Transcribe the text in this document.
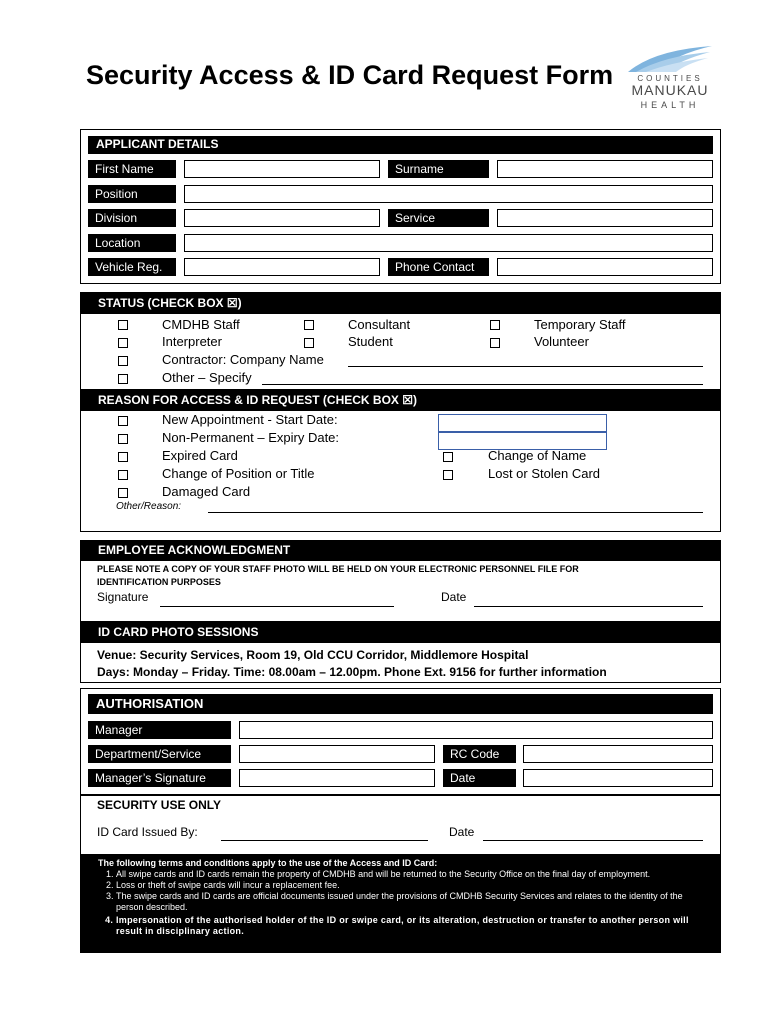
Security Access & ID Card Request Form	COUNTIES
MANUKAU
HEALTH
APPLICANT DETAILS
First Name	Surname
Position
Division	Service
Location
Vehicle Reg.	Phone Contact
STATUS (CHECK BOX ☒)
CMDHB Staff	Consultant	Temporary Staff
Interpreter	Student	Volunteer
Contractor: Company Name
Other – Specify
REASON FOR ACCESS & ID REQUEST (CHECK BOX ☒)
New Appointment - Start Date:
Non-Permanent – Expiry Date:
Expired Card	Change of Name
Change of Position or Title	Lost or Stolen Card
Damaged Card
Other/Reason:
EMPLOYEE ACKNOWLEDGMENT
PLEASE NOTE A COPY OF YOUR STAFF PHOTO WILL BE HELD ON YOUR ELECTRONIC PERSONNEL FILE FOR
IDENTIFICATION PURPOSES
Signature	Date
ID CARD PHOTO SESSIONS
Venue: Security Services, Room 19, Old CCU Corridor, Middlemore Hospital
Days: Monday – Friday. Time: 08.00am – 12.00pm. Phone Ext. 9156 for further information
AUTHORISATION
Manager
Department/Service	RC Code
Manager’s Signature	Date
SECURITY USE ONLY
ID Card Issued By:	Date
The following terms and conditions apply to the use of the Access and ID Card:
1. All swipe cards and ID cards remain the property of CMDHB and will be returned to the Security Office on the final day of employment.
2. Loss or theft of swipe cards will incur a replacement fee.
3. The swipe cards and ID cards are official documents issued under the provisions of CMDHB Security Services and relates to the identity of the person described.
4. Impersonation of the authorised holder of the ID or swipe card, or its alteration, destruction or transfer to another person will result in disciplinary action.
